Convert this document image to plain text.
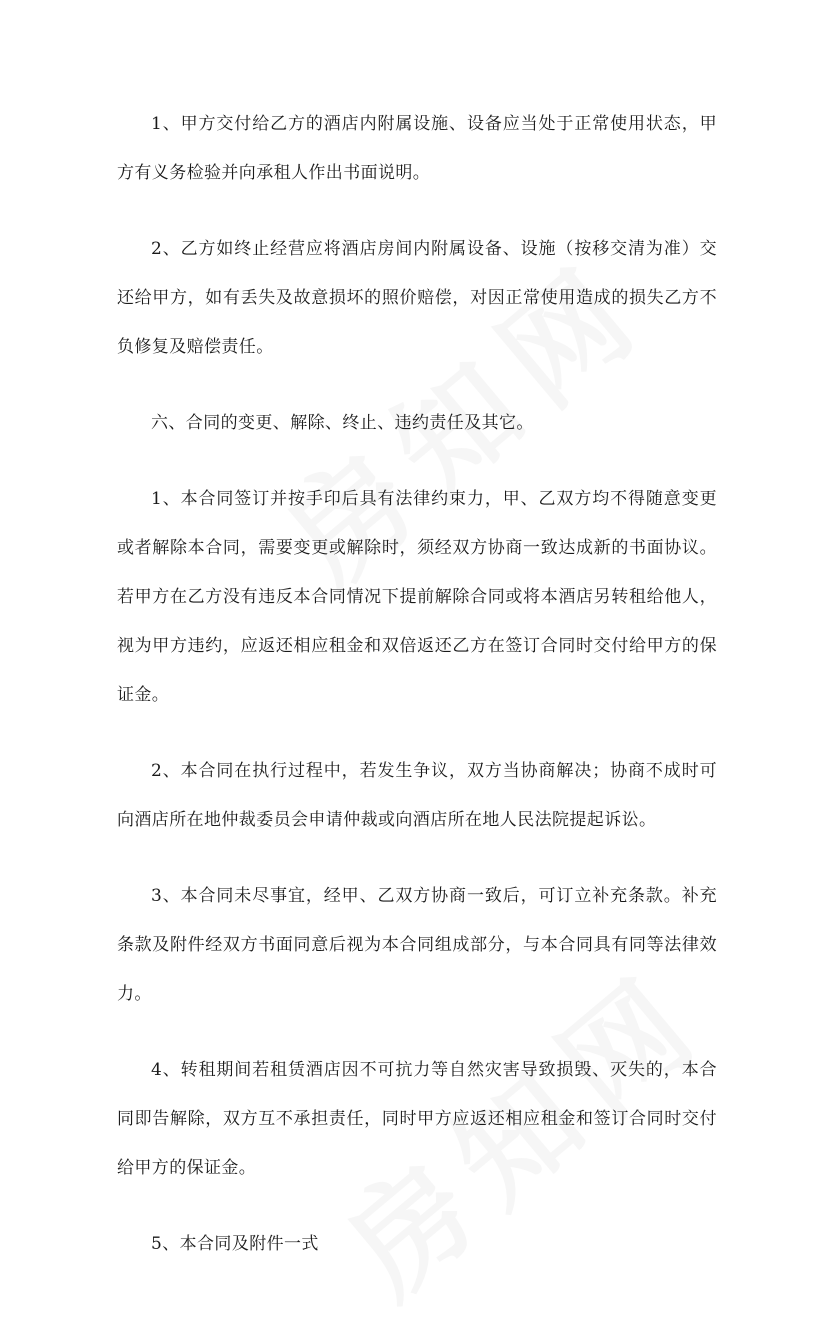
1、甲方交付给乙方的酒店内附属设施、设备应当处于正常使用状态，甲方有义务检验并向承租人作出书面说明。

2、乙方如终止经营应将酒店房间内附属设备、设施（按移交清为准）交还给甲方，如有丢失及故意损坏的照价赔偿，对因正常使用造成的损失乙方不负修复及赔偿责任。

六、合同的变更、解除、终止、违约责任及其它。

1、本合同签订并按手印后具有法律约束力，甲、乙双方均不得随意变更或者解除本合同，需要变更或解除时，须经双方协商一致达成新的书面协议。若甲方在乙方没有违反本合同情况下提前解除合同或将本酒店另转租给他人，视为甲方违约，应返还相应租金和双倍返还乙方在签订合同时交付给甲方的保证金。

2、本合同在执行过程中，若发生争议，双方当协商解决；协商不成时可向酒店所在地仲裁委员会申请仲裁或向酒店所在地人民法院提起诉讼。

3、本合同未尽事宜，经甲、乙双方协商一致后，可订立补充条款。补充条款及附件经双方书面同意后视为本合同组成部分，与本合同具有同等法律效力。

4、转租期间若租赁酒店因不可抗力等自然灾害导致损毁、灭失的，本合同即告解除，双方互不承担责任，同时甲方应返还相应租金和签订合同时交付给甲方的保证金。

5、本合同及附件一式
